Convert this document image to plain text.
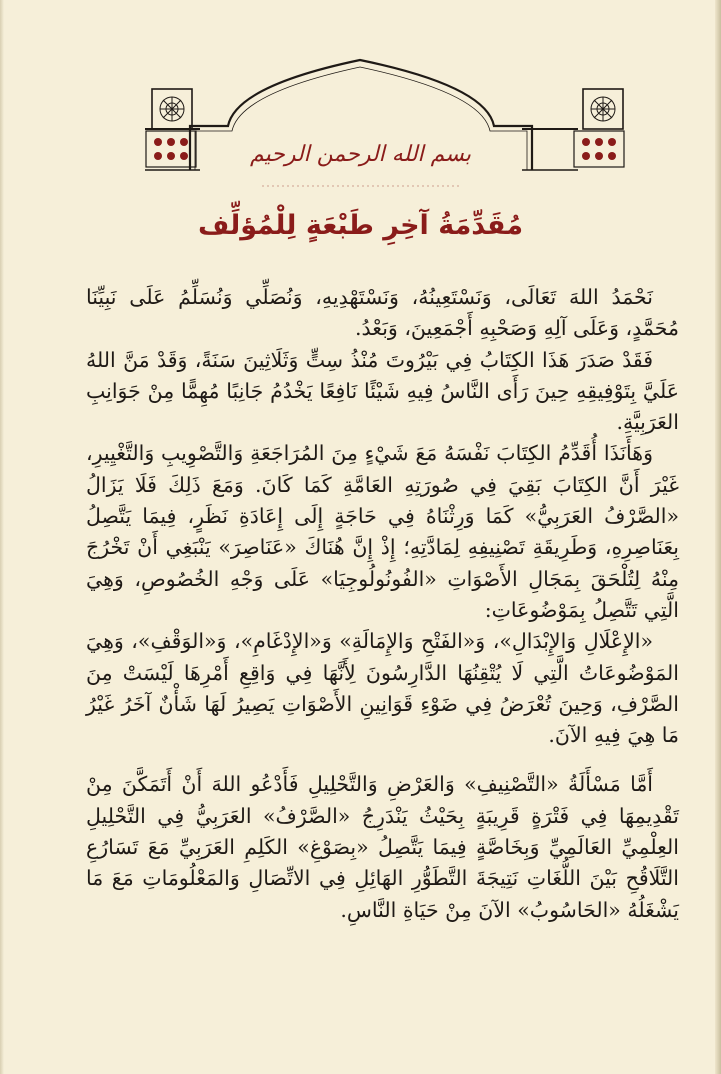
بسم الله الرحمن الرحيم
مُقَدِّمَةُ آخِرِ طَبْعَةٍ لِلْمُؤلِّف

نَحْمَدُ اللهَ تَعَالَى، وَنَسْتَعِينُهُ، وَنَسْتَهْدِيهِ، وَنُصَلِّي وَنُسَلِّمُ عَلَى نَبِيِّنَا مُحَمَّدٍ، وَعَلَى آلِهِ وَصَحْبِهِ أَجْمَعِينَ، وَبَعْدُ.

فَقَدْ صَدَرَ هَذَا الكِتَابُ فِي بَيْرُوتَ مُنْذُ سِتٍّ وَثَلَاثِينَ سَنَةً، وَقَدْ مَنَّ اللهُ عَلَيَّ بِتَوْفِيقِهِ حِينَ رَأَى النَّاسُ فِيهِ شَيْئًا نَافِعًا يَخْدُمُ جَانِبًا مُهِمًّا مِنْ جَوَانِبِ العَرَبِيَّةِ.

وَهَأَنَذَا أُقَدِّمُ الكِتَابَ نَفْسَهُ مَعَ شَيْءٍ مِنَ المُرَاجَعَةِ وَالتَّصْوِيبِ وَالتَّغْيِيرِ، غَيْرَ أَنَّ الكِتَابَ بَقِيَ فِي صُورَتِهِ العَامَّةِ كَمَا كَانَ. وَمَعَ ذَلِكَ فَلَا يَزَالُ «الصَّرْفُ العَرَبِيُّ» كَمَا وَرِثْنَاهُ فِي حَاجَةٍ إِلَى إِعَادَةِ نَظَرٍ، فِيمَا يَتَّصِلُ بِعَنَاصِرِهِ، وَطَرِيقَةِ تَصْنِيفِهِ لِمَادَّتِهِ؛ إِذْ إِنَّ هُنَاكَ «عَنَاصِرَ» يَنْبَغِي أَنْ تَخْرُجَ مِنْهُ لِتُلْحَقَ بِمَجَالِ الأَصْوَاتِ «الفُونُولُوجِيَا» عَلَى وَجْهِ الخُصُوصِ، وَهِيَ الَّتِي تَتَّصِلُ بِمَوْضُوعَاتِ:

«الإِعْلَالِ وَالإِبْدَالِ»، وَ«الفَتْحِ وَالإِمَالَةِ» وَ«الإِدْغَامِ»، وَ«الوَقْفِ»، وَهِيَ المَوْضُوعَاتُ الَّتِي لَا يُتْقِنُهَا الدَّارِسُونَ لِأَنَّهَا فِي وَاقِعِ أَمْرِهَا لَيْسَتْ مِنَ الصَّرْفِ، وَحِينَ تُعْرَضُ فِي ضَوْءِ قَوَانِينِ الأَصْوَاتِ يَصِيرُ لَهَا شَأْنٌ آخَرُ غَيْرُ مَا هِيَ فِيهِ الآنَ.

أَمَّا مَسْأَلَةُ «التَّصْنِيفِ» وَالعَرْضِ وَالتَّحْلِيلِ فَأَدْعُو اللهَ أَنْ أَتَمَكَّنَ مِنْ تَقْدِيمِهَا فِي فَتْرَةٍ قَرِيبَةٍ بِحَيْثُ يَنْدَرِجُ «الصَّرْفُ» العَرَبِيُّ فِي التَّحْلِيلِ العِلْمِيِّ العَالَمِيِّ وَبِخَاصَّةٍ فِيمَا يَتَّصِلُ «بِصَوْغِ» الكَلِمِ العَرَبِيِّ مَعَ تَسَارُعِ التَّلَاقُحِ بَيْنَ اللُّغَاتِ نَتِيجَةَ التَّطَوُّرِ الهَائِلِ فِي الاتِّصَالِ وَالمَعْلُومَاتِ مَعَ مَا يَشْغَلُهُ «الحَاسُوبُ» الآنَ مِنْ حَيَاةِ النَّاسِ.
